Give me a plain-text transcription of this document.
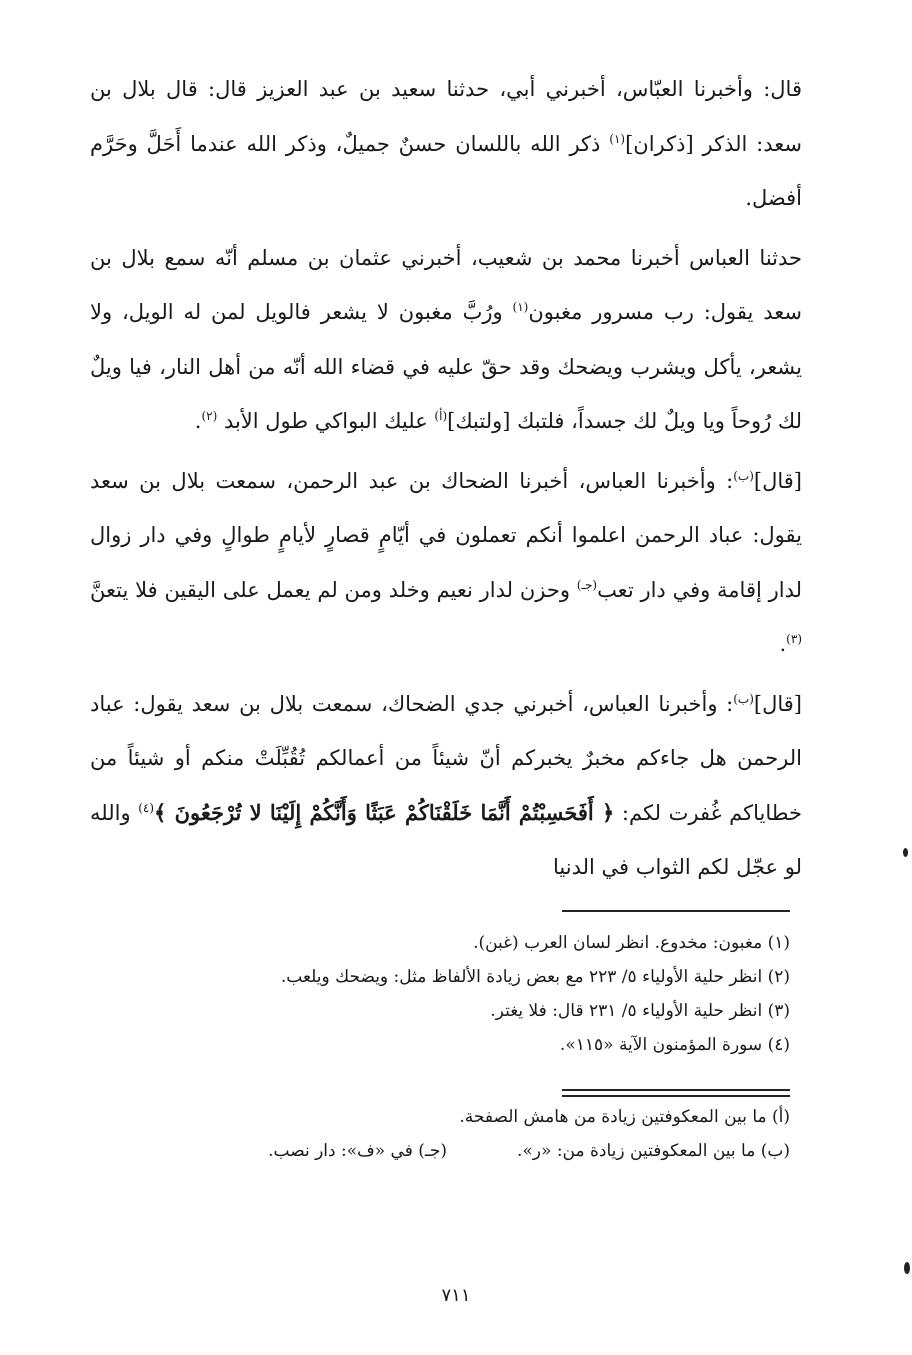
قال: وأخبرنا العبّاس، أخبرني أبي، حدثنا سعيد بن عبد العزيز قال: قال بلال بن سعد: الذكر [ذكران]$^{(١)}$ ذكر الله باللسان حسنٌ جميلٌ، وذكر الله عندما أَحَلَّ وحَرَّم أفضل.

حدثنا العباس أخبرنا محمد بن شعيب، أخبرني عثمان بن مسلم أنّه سمع بلال بن سعد يقول: رب مسرور مغبون$^{(١)}$ ورُبَّ مغبون لا يشعر فالويل لمن له الويل، ولا يشعر، يأكل ويشرب ويضحك وقد حقّ عليه في قضاء الله أنّه من أهل النار، فيا ويلٌ لك رُوحاً ويا ويلٌ لك جسداً، فلتبك [ولتبك]$^{(أ)}$ عليك البواكي طول الأبد $^{(٢)}$.

[قال]$^{(ب)}$: وأخبرنا العباس، أخبرنا الضحاك بن عبد الرحمن، سمعت بلال بن سعد يقول: عباد الرحمن اعلموا أنكم تعملون في أيّامٍ قصارٍ لأيامٍ طوالٍ وفي دار زوال لدار إقامة وفي دار تعب$^{(جـ)}$ وحزن لدار نعيم وخلد ومن لم يعمل على اليقين فلا يتعنَّ $^{(٣)}$.

[قال]$^{(ب)}$: وأخبرنا العباس، أخبرني جدي الضحاك، سمعت بلال بن سعد يقول: عباد الرحمن هل جاءكم مخبرٌ يخبركم أنّ شيئاً من أعمالكم تُقُبِّلَتْ منكم أو شيئاً من خطاياكم غُفرت لكم: ﴿ أَفَحَسِبْتُمْ أَنَّمَا خَلَقْنَاكُمْ عَبَثًا وَأَنَّكُمْ إِلَيْنَا لا تُرْجَعُونَ ﴾$^{(٤)}$ والله لو عجّل لكم الثواب في الدنيا

(١) مغبون: مخدوع. انظر لسان العرب (غبن).
(٢) انظر حلية الأولياء ٥/ ٢٢٣ مع بعض زيادة الألفاظ مثل: ويضحك ويلعب.
(٣) انظر حلية الأولياء ٥/ ٢٣١ قال: فلا يغتر.
(٤) سورة المؤمنون الآية «١١٥».
(أ) ما بين المعكوفتين زيادة من هامش الصفحة.
(ب) ما بين المعكوفتين زيادة من: «ر».(جـ) في «ف»: دار نصب.
٧١١
